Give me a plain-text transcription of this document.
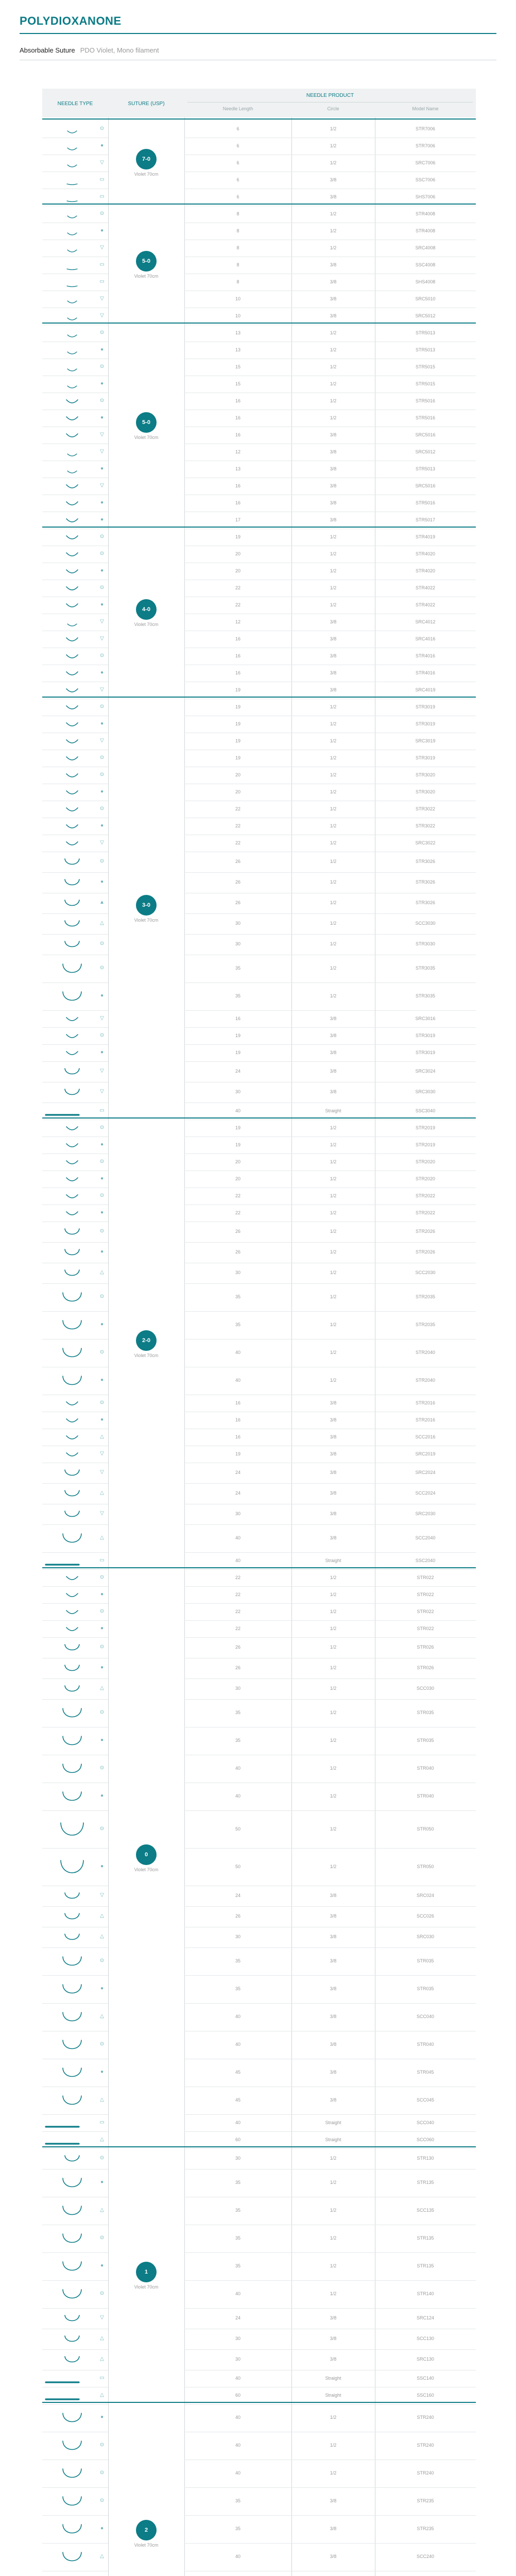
POLYDIOXANONE
Absorbable Suture PDO Violet, Mono filament
NEEDLE TYPE	SUTURE (USP)
NEEDLE PRODUCT
Needle Length	Circle	Model Name
⊙	6	1/2	STR7006
●	6	1/2	STR7006
▽	6	1/2	SRC7006
▭	6	3/8	SSC7006
▭	6	3/8	SHS7006
7-0
Violet 70cm
⊙	8	1/2	STR4008
●	8	1/2	STR4008
▽	8	1/2	SRC4008
▭	8	3/8	SSC4008
▭	8	3/8	SHS4008
▽	10	3/8	SRC5010
▽	10	3/8	SRC5012
5-0
Violet 70cm
⊙	13	1/2	STR5013
●	13	1/2	STR5013
⊙	15	1/2	STR5015
●	15	1/2	STR5015
⊙	16	1/2	STR5016
●	16	1/2	STR5016
▽	16	3/8	SRC5016
▽	12	3/8	SRC5012
●	13	3/8	STR5013
▽	16	3/8	SRC5016
●	16	3/8	STR5016
●	17	3/8	STR5017
5-0
Violet 70cm
⊙	19	1/2	STR4019
⊙	20	1/2	STR4020
●	20	1/2	STR4020
⊙	22	1/2	STR4022
●	22	1/2	STR4022
▽	12	3/8	SRC4012
▽	16	3/8	SRC4016
⊙	16	3/8	STR4016
●	16	3/8	STR4016
▽	19	3/8	SRC4019
4-0
Violet 70cm
⊙	19	1/2	STR3019
●	19	1/2	STR3019
▽	19	1/2	SRC3019
⊙	19	1/2	STR3019
⊙	20	1/2	STR3020
●	20	1/2	STR3020
⊙	22	1/2	STR3022
●	22	1/2	STR3022
▽	22	1/2	SRC3022
⊙	26	1/2	STR3026
●	26	1/2	STR3026
▲	26	1/2	STR3026
△	30	1/2	SCC3030
⊙	30	1/2	STR3030
⊙	35	1/2	STR3035
●	35	1/2	STR3035
▽	16	3/8	SRC3016
⊙	19	3/8	STR3019
●	19	3/8	STR3019
▽	24	3/8	SRC3024
▽	30	3/8	SRC3030
▭	40	Straight	SSC3040
3-0
Violet 70cm
⊙	19	1/2	STR2019
●	19	1/2	STR2019
⊙	20	1/2	STR2020
●	20	1/2	STR2020
⊙	22	1/2	STR2022
●	22	1/2	STR2022
⊙	26	1/2	STR2026
●	26	1/2	STR2026
△	30	1/2	SCC2030
⊙	35	1/2	STR2035
●	35	1/2	STR2035
⊙	40	1/2	STR2040
●	40	1/2	STR2040
⊙	16	3/8	STR2016
●	16	3/8	STR2016
△	16	3/8	SCC2016
▽	19	3/8	SRC2019
▽	24	3/8	SRC2024
△	24	3/8	SCC2024
▽	30	3/8	SRC2030
△	40	3/8	SCC2040
▭	40	Straight	SSC2040
2-0
Violet 70cm
⊙	22	1/2	STR022
●	22	1/2	STR022
⊙	22	1/2	STR022
●	22	1/2	STR022
⊙	26	1/2	STR026
●	26	1/2	STR026
△	30	1/2	SCC030
⊙	35	1/2	STR035
●	35	1/2	STR035
⊙	40	1/2	STR040
●	40	1/2	STR040
⊙	50	1/2	STR050
●	50	1/2	STR050
▽	24	3/8	SRC024
△	26	3/8	SCC026
△	30	3/8	SRC030
⊙	35	3/8	STR035
●	35	3/8	STR035
△	40	3/8	SCC040
⊙	40	3/8	STR040
●	45	3/8	STR045
△	45	3/8	SCC045
▭	40	Straight	SCC040
△	60	Straight	SCC060
0
Violet 70cm
⊙	30	1/2	STR130
●	35	1/2	STR135
△	35	1/2	SCC135
⊙	35	1/2	STR135
●	35	1/2	STR135
⊙	40	1/2	STR140
▽	24	3/8	SRC124
△	30	3/8	SCC130
△	30	3/8	SRC130
▭	40	Straight	SSC140
△	60	Straight	SSC160
1
Violet 70cm
●	40	1/2	STR240
⊙	40	1/2	STR240
⊙	40	1/2	STR240
⊙	35	3/8	STR235
●	35	3/8	STR235
△	40	3/8	SCC240
2
Violet 70cm
